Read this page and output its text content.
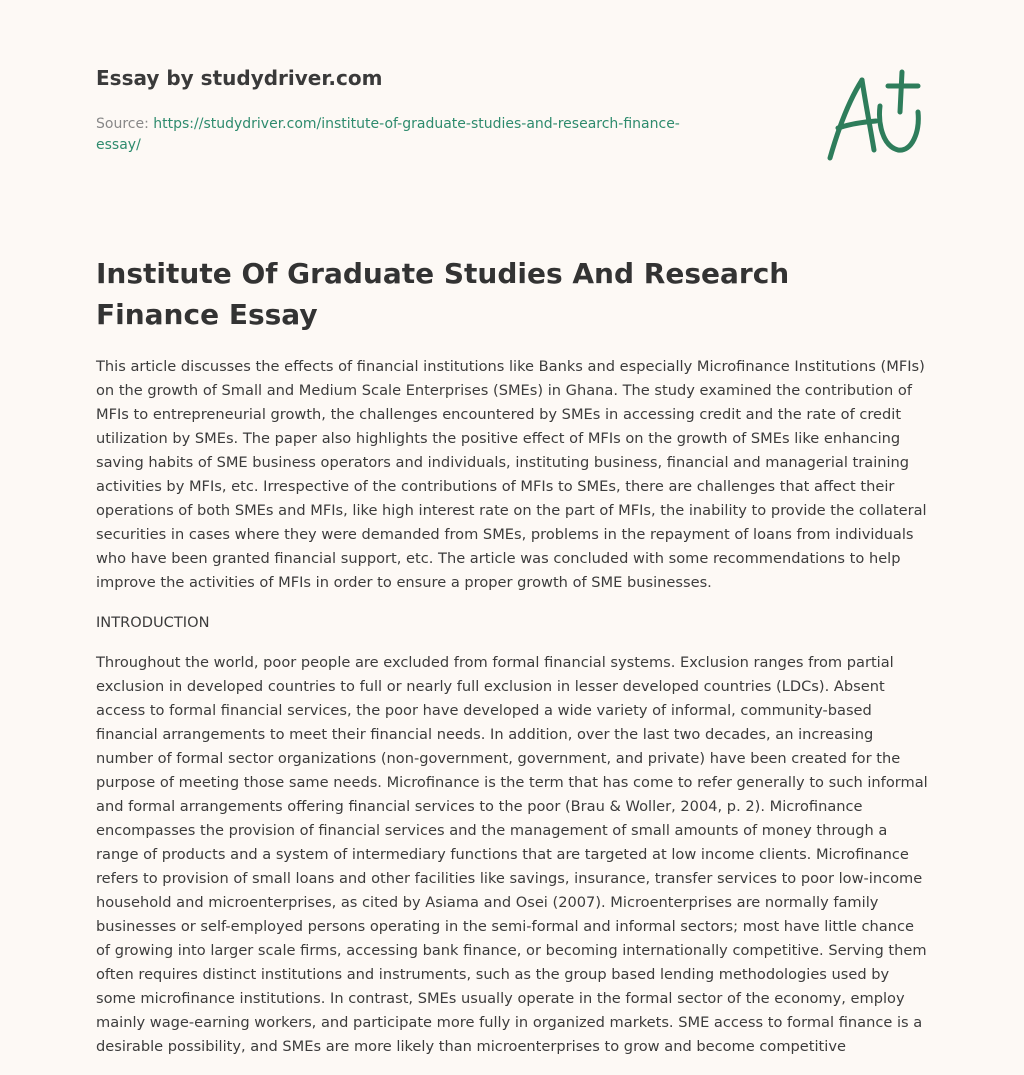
Essay by studydriver.com
Source: https://studydriver.com/institute-of-graduate-studies-and-research-finance-
essay/
Institute Of Graduate Studies And Research Finance Essay

This article discusses the effects of financial institutions like Banks and especially Microfinance Institutions (MFIs) on the growth of Small and Medium Scale Enterprises (SMEs) in Ghana. The study examined the contribution of MFIs to entrepreneurial growth, the challenges encountered by SMEs in accessing credit and the rate of credit utilization by SMEs. The paper also highlights the positive effect of MFIs on the growth of SMEs like enhancing saving habits of SME business operators and individuals, instituting business, financial and managerial training activities by MFIs, etc. Irrespective of the contributions of MFIs to SMEs, there are challenges that affect their operations of both SMEs and MFIs, like high interest rate on the part of MFIs, the inability to provide the collateral securities in cases where they were demanded from SMEs, problems in the repayment of loans from individuals who have been granted financial support, etc. The article was concluded with some recommendations to help improve the activities of MFIs in order to ensure a proper growth of SME businesses.

INTRODUCTION

Throughout the world, poor people are excluded from formal financial systems. Exclusion ranges from partial exclusion in developed countries to full or nearly full exclusion in lesser developed countries (LDCs). Absent access to formal financial services, the poor have developed a wide variety of informal, community-based financial arrangements to meet their financial needs. In addition, over the last two decades, an increasing number of formal sector organizations (non-government, government, and private) have been created for the purpose of meeting those same needs. Microfinance is the term that has come to refer generally to such informal and formal arrangements offering financial services to the poor (Brau & Woller, 2004, p. 2). Microfinance encompasses the provision of financial services and the management of small amounts of money through a range of products and a system of intermediary functions that are targeted at low income clients. Microfinance refers to provision of small loans and other facilities like savings, insurance, transfer services to poor low-income household and microenterprises, as cited by Asiama and Osei (2007). Microenterprises are normally family businesses or self-employed persons operating in the semi-formal and informal sectors; most have little chance of growing into larger scale firms, accessing bank finance, or becoming internationally competitive. Serving them often requires distinct institutions and instruments, such as the group based lending methodologies used by some microfinance institutions. In contrast, SMEs usually operate in the formal sector of the economy, employ mainly wage-earning workers, and participate more fully in organized markets. SME access to formal finance is a desirable possibility, and SMEs are more likely than microenterprises to grow and become competitive
